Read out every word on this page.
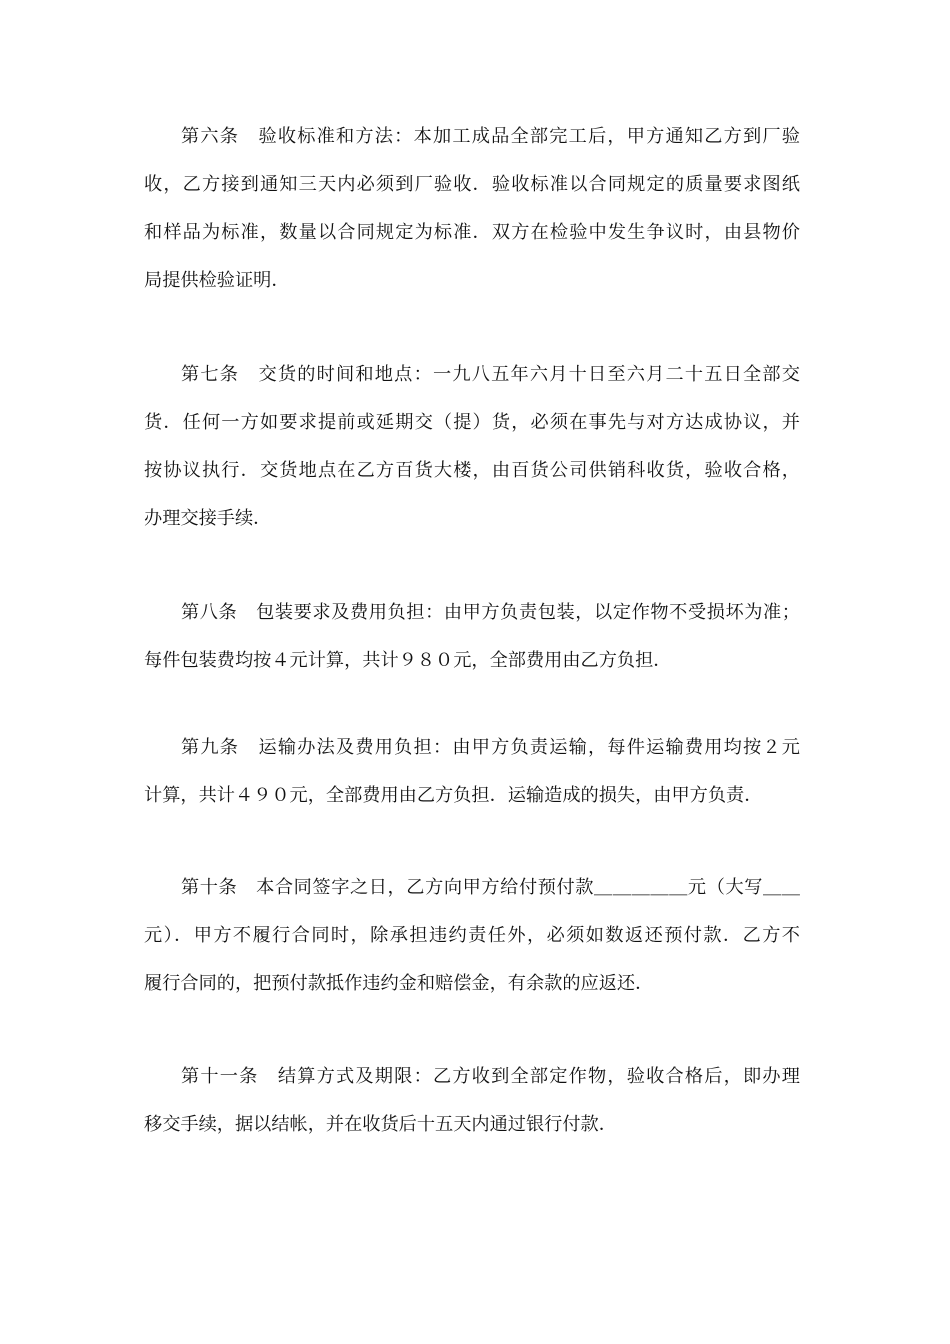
第六条　验收标准和方法：本加工成品全部完工后，甲方通知乙方到厂验
收，乙方接到通知三天内必须到厂验收．验收标准以合同规定的质量要求图纸
和样品为标准，数量以合同规定为标准．双方在检验中发生争议时，由县物价
局提供检验证明．
第七条　交货的时间和地点：一九八五年六月十日至六月二十五日全部交
货．任何一方如要求提前或延期交（提）货，必须在事先与对方达成协议，并
按协议执行．交货地点在乙方百货大楼，由百货公司供销科收货，验收合格，
办理交接手续．
第八条　包装要求及费用负担：由甲方负责包装，以定作物不受损坏为准；
每件包装费均按４元计算，共计９８０元，全部费用由乙方负担．
第九条　运输办法及费用负担：由甲方负责运输，每件运输费用均按２元
计算，共计４９０元，全部费用由乙方负担．运输造成的损失，由甲方负责．
第十条　本合同签字之日，乙方向甲方给付预付款＿＿＿＿＿元（大写＿＿
元）．甲方不履行合同时，除承担违约责任外，必须如数返还预付款．乙方不
履行合同的，把预付款抵作违约金和赔偿金，有余款的应返还．
第十一条　结算方式及期限：乙方收到全部定作物，验收合格后，即办理
移交手续，据以结帐，并在收货后十五天内通过银行付款．
